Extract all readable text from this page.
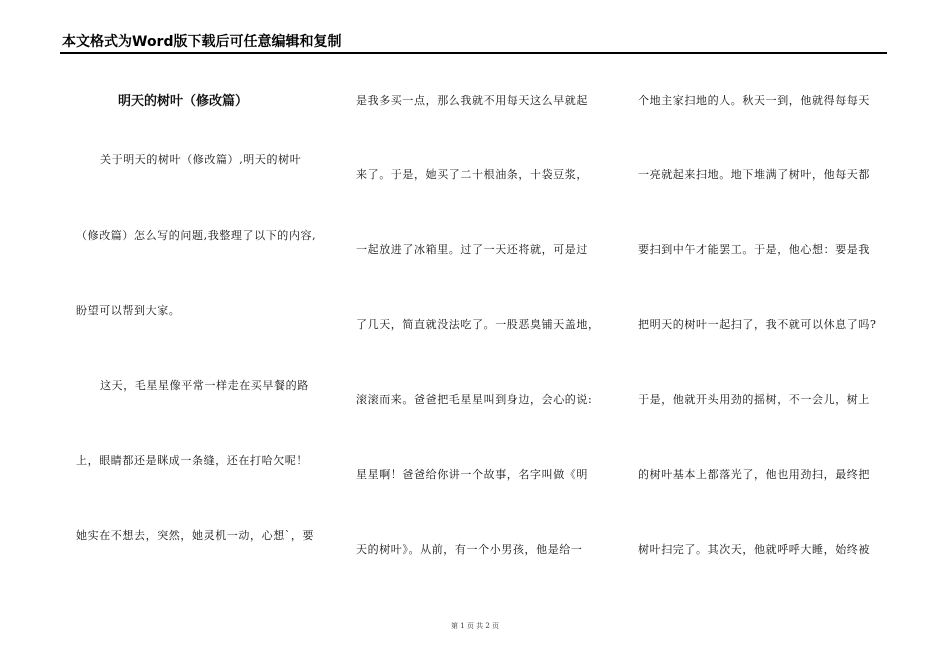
本文格式为Word版下载后可任意编辑和复制
明天的树叶（修改篇）
关于明天的树叶（修改篇）,明天的树叶
（修改篇）怎么写的问题,我整理了以下的内容,
盼望可以帮到大家。
这天，毛星星像平常一样走在买早餐的路
上，眼睛都还是眯成一条缝，还在打哈欠呢！
她实在不想去，突然，她灵机一动，心想`，要
是我多买一点，那么我就不用每天这么早就起
来了。于是，她买了二十根油条，十袋豆浆，
一起放进了冰箱里。过了一天还将就，可是过
了几天，简直就没法吃了。一股恶臭铺天盖地，
滚滚而来。爸爸把毛星星叫到身边，会心的说:
星星啊！爸爸给你讲一个故事，名字叫做《明
天的树叶》。从前，有一个小男孩，他是给一
个地主家扫地的人。秋天一到，他就得每每天
一亮就起来扫地。地下堆满了树叶，他每天都
要扫到中午才能罢工。于是，他心想：要是我
把明天的树叶一起扫了，我不就可以休息了吗?
于是，他就开头用劲的摇树，不一会儿，树上
的树叶基本上都落光了，他也用劲扫，最终把
树叶扫完了。其次天，他就呼呼大睡，始终被
第 1 页 共 2 页
